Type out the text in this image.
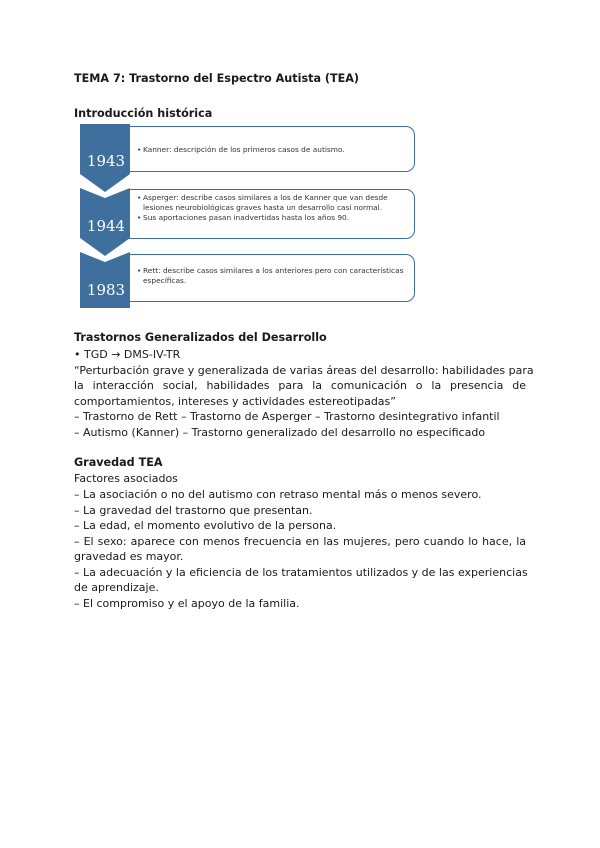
TEMA 7: Trastorno del Espectro Autista (TEA)
Introducción histórica
1943
• Kanner: descripción de los primeros casos de autismo.
1944
• Asperger: describe casos similares a los de Kanner que van desde lesiones neurobiológicas graves hasta un desarrollo casi normal.
• Sus aportaciones pasan inadvertidas hasta los años 90.
1983
• Rett: describe casos similares a los anteriores pero con características específicas.
Trastornos Generalizados del Desarrollo
• TGD → DMS-IV-TR
“Perturbación grave y generalizada de varias áreas del desarrollo: habilidades para
la interacción social, habilidades para la comunicación o la presencia de
comportamientos, intereses y actividades estereotipadas”
– Trastorno de Rett – Trastorno de Asperger – Trastorno desintegrativo infantil
– Autismo (Kanner) – Trastorno generalizado del desarrollo no especificado
Gravedad TEA
Factores asociados
– La asociación o no del autismo con retraso mental más o menos severo.
– La gravedad del trastorno que presentan.
– La edad, el momento evolutivo de la persona.
– El sexo: aparece con menos frecuencia en las mujeres, pero cuando lo hace, la
gravedad es mayor.
– La adecuación y la eficiencia de los tratamientos utilizados y de las experiencias
de aprendizaje.
– El compromiso y el apoyo de la familia.
